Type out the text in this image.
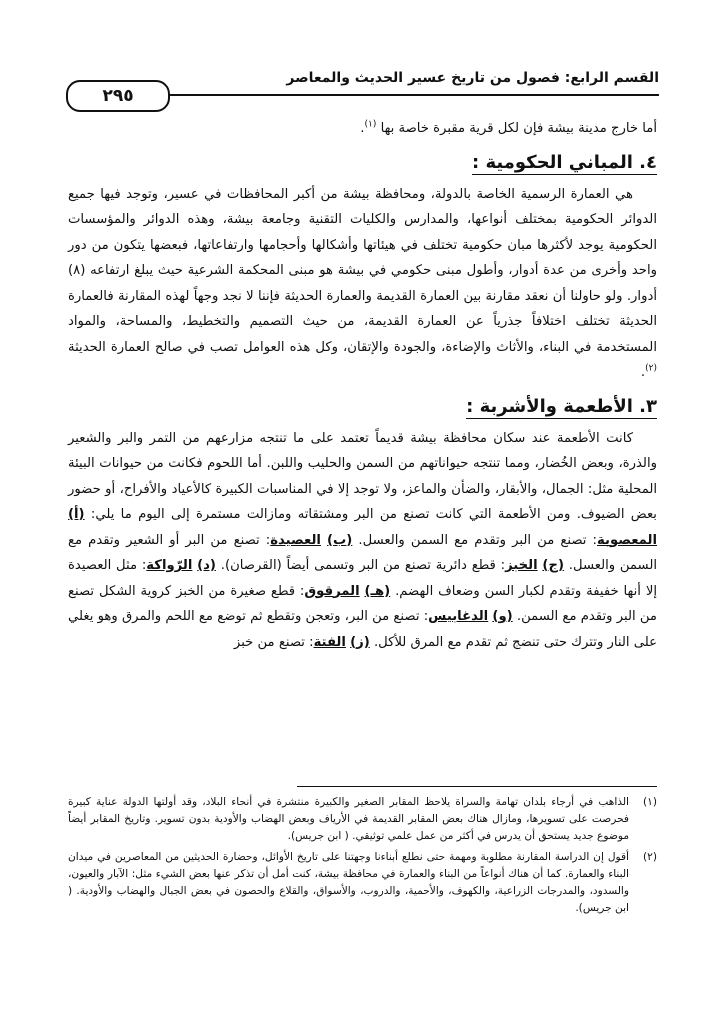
القسم الرابع: فصول من تاريخ عسير الحديث والمعاصر
٢٩٥

أما خارج مدينة بيشة فإن لكل قرية مقبرة خاصة بها $^{(١)}$.

٤. المباني الحكومية :

هي العمارة الرسمية الخاصة بالدولة، ومحافظة بيشة من أكبر المحافظات في عسير، وتوجد فيها جميع الدوائر الحكومية بمختلف أنواعها، والمدارس والكليات التقنية وجامعة بيشة، وهذه الدوائر والمؤسسات الحكومية يوجد لأكثرها مبان حكومية تختلف في هيئاتها وأشكالها وأحجامها وارتفاعاتها، فبعضها يتكون من دور واحد وأخرى من عدة أدوار، وأطول مبنى حكومي في بيشة هو مبنى المحكمة الشرعية حيث يبلغ ارتفاعه (٨) أدوار. ولو حاولنا أن نعقد مقارنة بين العمارة القديمة والعمارة الحديثة فإننا لا نجد وجهاً لهذه المقارنة فالعمارة الحديثة تختلف اختلافاً جذرياً عن العمارة القديمة، من حيث التصميم والتخطيط، والمساحة، والمواد المستخدمة في البناء، والأثاث والإضاءة، والجودة والإتقان، وكل هذه العوامل تصب في صالح العمارة الحديثة $^{(٢)}$.

٣. الأطعمة والأشربة :

كانت الأطعمة عند سكان محافظة بيشة قديماً تعتمد على ما تنتجه مزارعهم من التمر والبر والشعير والذرة، وبعض الخُضار، ومما تنتجه حيواناتهم من السمن والحليب واللبن. أما اللحوم فكانت من حيوانات البيئة المحلية مثل: الجمال، والأبقار، والضأن والماعز، ولا توجد إلا في المناسبات الكبيرة كالأعياد والأفراح، أو حضور بعض الضيوف. ومن الأطعمة التي كانت تصنع من البر ومشتقاته ومازالت مستمرة إلى اليوم ما يلي: (أ) المعصوبة: تصنع من البر وتقدم مع السمن والعسل. (ب) العصيدة: تصنع من البر أو الشعير وتقدم مع السمن والعسل. (ج) الخبز: قطع دائرية تصنع من البر وتسمى أيضاً (القرصان). (د) الرّواكة: مثل العصيدة إلا أنها خفيفة وتقدم لكبار السن وضعاف الهضم. (هـ) المرقوق: قطع صغيرة من الخبز كروية الشكل تصنع من البر وتقدم مع السمن. (و) الدغابيس: تصنع من البر، وتعجن وتقطع ثم توضع مع اللحم والمرق وهو يغلي على النار وتترك حتى تنضج ثم تقدم مع المرق للأكل. (ز) الفتة: تصنع من خبز

(١)
الذاهب في أرجاء بلدان تهامة والسراة يلاحظ المقابر الصغير والكبيرة منتشرة في أنحاء البلاد، وقد أولتها الدولة عناية كبيرة فحرصت على تسويرها، ومازال هناك بعض المقابر القديمة في الأرياف وبعض الهضاب والأودية بدون تسوير. وتاريخ المقابر أيضاً موضوع جديد يستحق أن يدرس في أكثر من عمل علمي توثيقي. ( ابن جريس).
(٢)
أقول إن الدراسة المقارنة مطلوبة ومهمة حتى نطلع أبناءنا وجهتنا على تاريخ الأوائل، وحضارة الحديثين من المعاصرين في ميدان البناء والعمارة. كما أن هناك أنواعاً من البناء والعمارة في محافظة بيشة، كنت أمل أن تذكر عنها بعض الشيء مثل: الآبار والعيون، والسدود، والمدرجات الزراعية، والكهوف، والأحمية، والدروب، والأسواق، والقلاع والحصون في بعض الجبال والهضاب والأودية. ( ابن جريس).
